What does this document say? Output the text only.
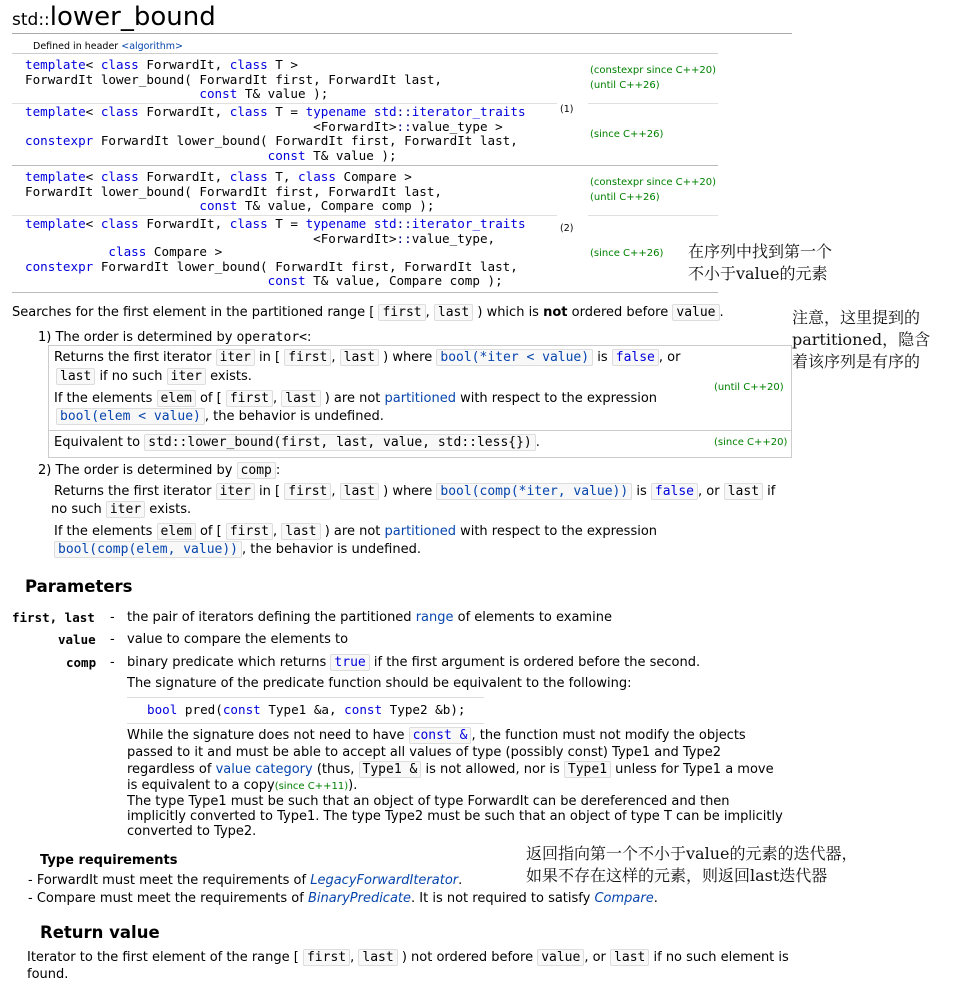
std::lower_bound
Defined in header <algorithm>
template< class ForwardIt, class T >
ForwardIt lower_bound( ForwardIt first, ForwardIt last,
const T& value );
(constexpr since C++20)
(until C++26)
template< class ForwardIt, class T = typename std::iterator_traits
<ForwardIt>::value_type >
constexpr ForwardIt lower_bound( ForwardIt first, ForwardIt last,
const T& value );
(1)
(since C++26)
template< class ForwardIt, class T, class Compare >
ForwardIt lower_bound( ForwardIt first, ForwardIt last,
const T& value, Compare comp );
(constexpr since C++20)
(until C++26)
template< class ForwardIt, class T = typename std::iterator_traits
<ForwardIt>::value_type,

class Compare >
constexpr ForwardIt lower_bound( ForwardIt first, ForwardIt last,
const T& value, Compare comp );
(2)
(since C++26)
Searches for the first element in the partitioned range [ first , last ) which is not ordered before value .
1) The order is determined by operator<:
Returns the first iterator iter in [ first , last ) where bool(*iter < value) is false , or
last if no such iter exists.
If the elements elem of [ first , last ) are not partitioned with respect to the expression
bool(elem < value) , the behavior is undefined.
(until C++20)
Equivalent to std::lower_bound(first, last, value, std::less{}) .	(since C++20)
2) The order is determined by comp :
Returns the first iterator iter in [ first , last ) where bool(comp(*iter, value)) is false , or last if
no such iter exists.
If the elements elem of [ first , last ) are not partitioned with respect to the expression
bool(comp(elem, value)) , the behavior is undefined.
Parameters
first, last - the pair of iterators defining the partitioned range of elements to examine
value - value to compare the elements to
comp - binary predicate which returns true if the first argument is ordered before the second.
The signature of the predicate function should be equivalent to the following:
bool pred(const Type1 &a, const Type2 &b);
While the signature does not need to have const & , the function must not modify the objects
passed to it and must be able to accept all values of type (possibly const) Type1 and Type2
regardless of value category (thus, Type1 & is not allowed, nor is Type1 unless for Type1 a move
is equivalent to a copy(since C++11)).
The type Type1 must be such that an object of type ForwardIt can be dereferenced and then
implicitly converted to Type1. The type Type2 must be such that an object of type T can be implicitly
converted to Type2.
Type requirements
- ForwardIt must meet the requirements of LegacyForwardIterator.
- Compare must meet the requirements of BinaryPredicate. It is not required to satisfy Compare.
Return value
Iterator to the first element of the range [ first , last ) not ordered before value , or last if no such element is
found.
在序列中找到第一个
不小于value的元素
注意，这里提到的
partitioned，隐含
着该序列是有序的
返回指向第一个不小于value的元素的迭代器，
如果不存在这样的元素，则返回last迭代器
